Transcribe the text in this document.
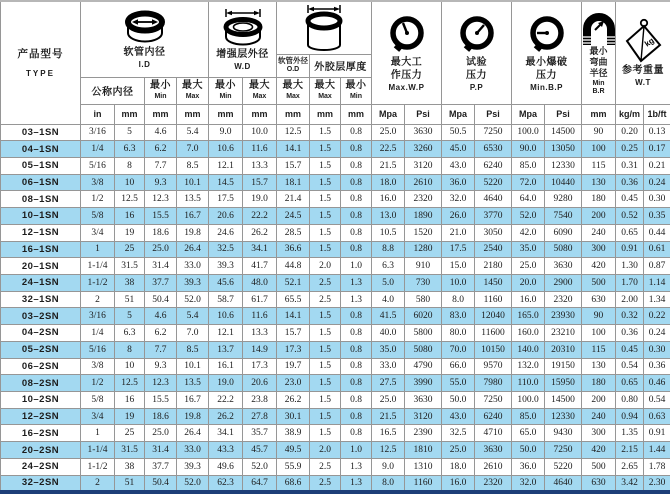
产品型号
TYPE	软管内径
I.D				增强层外径
W.D					最大工
作压力
Max.W.P		试验
压力
P.P		最小爆破
压力
Min.B.P		最小
弯曲
半径
Min
B.R	kg
参考重量
W.T	

							软管外径
O.D	外胶层厚度										
	公称内径		最小
Min	最大
Max	最小
Min	最大
Max	最大
Max	最大
Max	最小
Min									

	in	mm	mm	mm	mm	mm	mm	mm	mm	Mpa	Psi	Mpa	Psi	Mpa	Psi	mm	kg/m	1b/ft
03–1SN	3/16	5	4.6	5.4	9.0	10.0	12.5	1.5	0.8	25.0	3630	50.5	7250	100.0	14500	90	0.20	0.13
04–1SN	1/4	6.3	6.2	7.0	10.6	11.6	14.1	1.5	0.8	22.5	3260	45.0	6530	90.0	13050	100	0.25	0.17
05–1SN	5/16	8	7.7	8.5	12.1	13.3	15.7	1.5	0.8	21.5	3120	43.0	6240	85.0	12330	115	0.31	0.21
06–1SN	3/8	10	9.3	10.1	14.5	15.7	18.1	1.5	0.8	18.0	2610	36.0	5220	72.0	10440	130	0.36	0.24
08–1SN	1/2	12.5	12.3	13.5	17.5	19.0	21.4	1.5	0.8	16.0	2320	32.0	4640	64.0	9280	180	0.45	0.30
10–1SN	5/8	16	15.5	16.7	20.6	22.2	24.5	1.5	0.8	13.0	1890	26.0	3770	52.0	7540	200	0.52	0.35
12–1SN	3/4	19	18.6	19.8	24.6	26.2	28.5	1.5	0.8	10.5	1520	21.0	3050	42.0	6090	240	0.65	0.44
16–1SN	1	25	25.0	26.4	32.5	34.1	36.6	1.5	0.8	8.8	1280	17.5	2540	35.0	5080	300	0.91	0.61
20–1SN	1-1/4	31.5	31.4	33.0	39.3	41.7	44.8	2.0	1.0	6.3	910	15.0	2180	25.0	3630	420	1.30	0.87
24–1SN	1-1/2	38	37.7	39.3	45.6	48.0	52.1	2.5	1.3	5.0	730	10.0	1450	20.0	2900	500	1.70	1.14
32–1SN	2	51	50.4	52.0	58.7	61.7	65.5	2.5	1.3	4.0	580	8.0	1160	16.0	2320	630	2.00	1.34
03–2SN	3/16	5	4.6	5.4	10.6	11.6	14.1	1.5	0.8	41.5	6020	83.0	12040	165.0	23930	90	0.32	0.22
04–2SN	1/4	6.3	6.2	7.0	12.1	13.3	15.7	1.5	0.8	40.0	5800	80.0	11600	160.0	23210	100	0.36	0.24
05–2SN	5/16	8	7.7	8.5	13.7	14.9	17.3	1.5	0.8	35.0	5080	70.0	10150	140.0	20310	115	0.45	0.30
06–2SN	3/8	10	9.3	10.1	16.1	17.3	19.7	1.5	0.8	33.0	4790	66.0	9570	132.0	19150	130	0.54	0.36
08–2SN	1/2	12.5	12.3	13.5	19.0	20.6	23.0	1.5	0.8	27.5	3990	55.0	7980	110.0	15950	180	0.65	0.46
10–2SN	5/8	16	15.5	16.7	22.2	23.8	26.2	1.5	0.8	25.0	3630	50.0	7250	100.0	14500	200	0.80	0.54
12–2SN	3/4	19	18.6	19.8	26.2	27.8	30.1	1.5	0.8	21.5	3120	43.0	6240	85.0	12330	240	0.94	0.63
16–2SN	1	25	25.0	26.4	34.1	35.7	38.9	1.5	0.8	16.5	2390	32.5	4710	65.0	9430	300	1.35	0.91
20–2SN	1-1/4	31.5	31.4	33.0	43.3	45.7	49.5	2.0	1.0	12.5	1810	25.0	3630	50.0	7250	420	2.15	1.44
24–2SN	1-1/2	38	37.7	39.3	49.6	52.0	55.9	2.5	1.3	9.0	1310	18.0	2610	36.0	5220	500	2.65	1.78
32–2SN	2	51	50.4	52.0	62.3	64.7	68.6	2.5	1.3	8.0	1160	16.0	2320	32.0	4640	630	3.42	2.30
